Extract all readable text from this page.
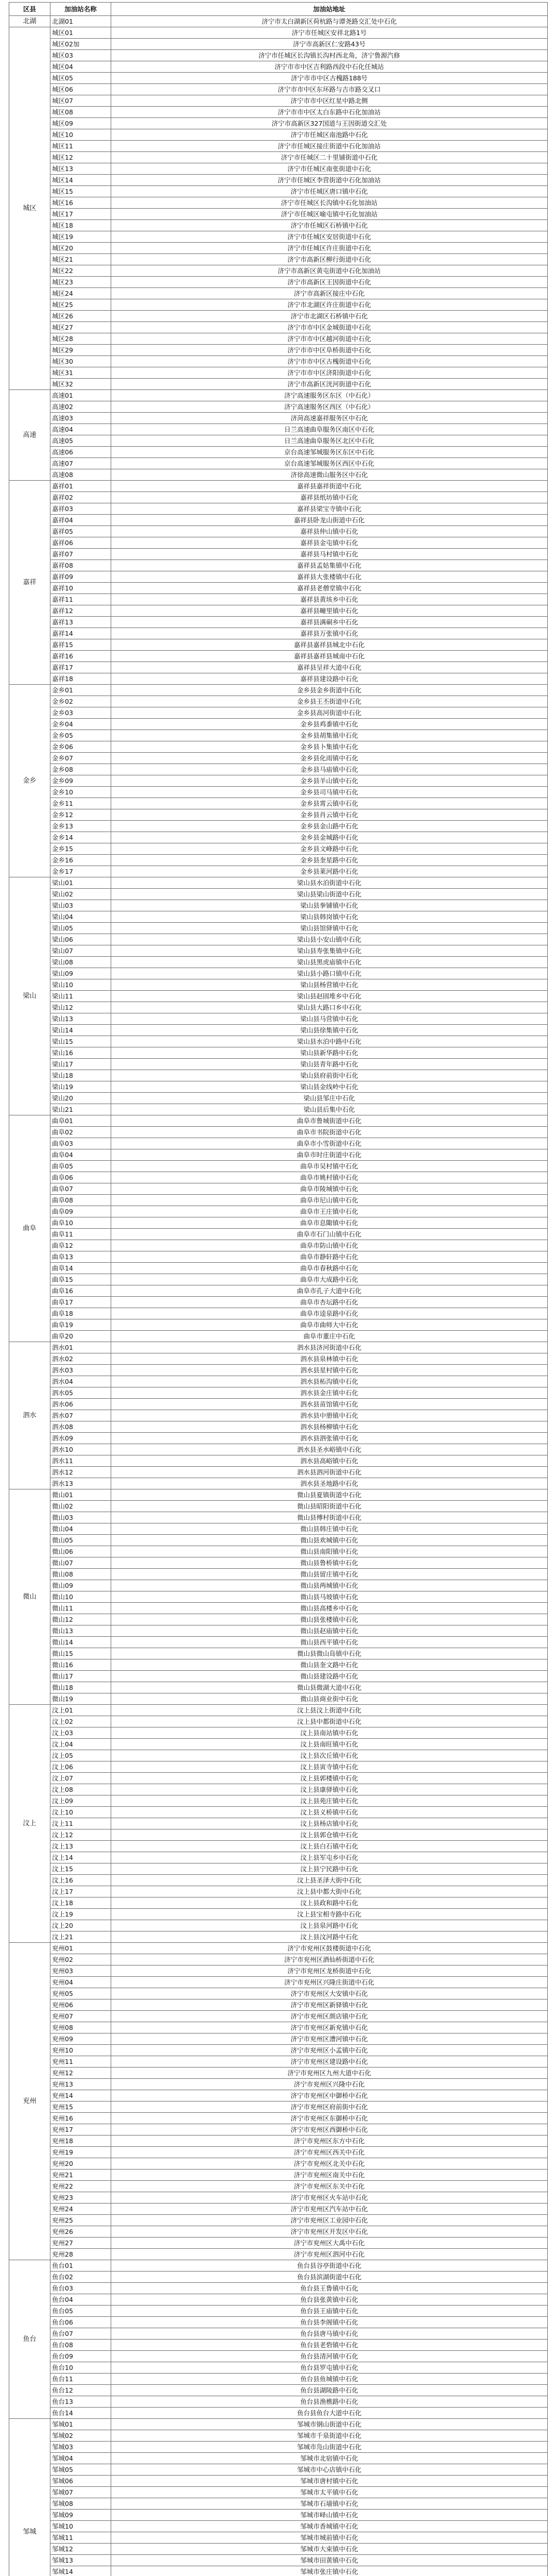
区县	加油站名称	加油站地址
北湖	北湖01	济宁市太白湖新区荷杭路与谭尧路交汇处中石化
城区	城区01	济宁市任城区安祥北路1号
	城区02加	济宁市高新区仁安路43号
	城区03	济宁市任城区长沟镇长沟村西北角，济宁鲁源汽修
	城区04	济宁市市中区吉利路西段中石化任城站
	城区05	济宁市市中区古槐路188号
	城区06	济宁市市中区东环路与吉市路交叉口
	城区07	济宁市市中区红星中路北侧
	城区08	济宁市市中区太白东路中石化加油站
	城区09	济宁市高新区327国道与王因街道交汇处
	城区10	济宁市任城区南池路中石化
	城区11	济宁市任城区接庄街道中石化加油站
	城区12	济宁市任城区二十里铺街道中石化
	城区13	济宁市任城区南张街道中石化
	城区14	济宁市任城区李营街道中石化加油站
	城区15	济宁市任城区唐口镇中石化
	城区16	济宁市任城区长沟镇中石化加油站
	城区17	济宁市任城区喻屯镇中石化加油站
	城区18	济宁市任城区石桥镇中石化
	城区19	济宁市任城区安居街道中石化
	城区20	济宁市任城区许庄街道中石化
	城区21	济宁市高新区柳行街道中石化
	城区22	济宁市高新区黄屯街道中石化加油站
	城区23	济宁市高新区王因街道中石化
	城区24	济宁市高新区接庄中石化
	城区25	济宁市北湖区许庄街道中石化
	城区26	济宁市北湖区石桥镇中石化
	城区27	济宁市市中区金城街道中石化
	城区28	济宁市市中区越河街道中石化
	城区29	济宁市市中区阜桥街道中石化
	城区30	济宁市市中区古槐街道中石化
	城区31	济宁市市中区济阳街道中石化
	城区32	济宁市高新区洸河街道中石化
高速	高速01	济宁高速服务区东区（中石化）
	高速02	济宁高速服务区西区（中石化）
	高速03	济菏高速嘉祥服务区中石化
	高速04	日兰高速曲阜服务区南区中石化
	高速05	日兰高速曲阜服务区北区中石化
	高速06	京台高速邹城服务区东区中石化
	高速07	京台高速邹城服务区西区中石化
	高速08	济徐高速微山服务区中石化
嘉祥	嘉祥01	嘉祥县嘉祥街道中石化
	嘉祥02	嘉祥县纸坊镇中石化
	嘉祥03	嘉祥县梁宝寺镇中石化
	嘉祥04	嘉祥县卧龙山街道中石化
	嘉祥05	嘉祥县仲山镇中石化
	嘉祥06	嘉祥县金屯镇中石化
	嘉祥07	嘉祥县马村镇中石化
	嘉祥08	嘉祥县孟姑集镇中石化
	嘉祥09	嘉祥县大张楼镇中石化
	嘉祥10	嘉祥县老僧堂镇中石化
	嘉祥11	嘉祥县黄垓乡中石化
	嘉祥12	嘉祥县疃里镇中石化
	嘉祥13	嘉祥县满硐乡中石化
	嘉祥14	嘉祥县万张镇中石化
	嘉祥15	嘉祥县嘉祥县城北中石化
	嘉祥16	嘉祥县嘉祥县城南中石化
	嘉祥17	嘉祥县呈祥大道中石化
	嘉祥18	嘉祥县建设路中石化
金乡	金乡01	金乡县金乡街道中石化
	金乡02	金乡县王丕街道中石化
	金乡03	金乡县高河街道中石化
	金乡04	金乡县鸡黍镇中石化
	金乡05	金乡县胡集镇中石化
	金乡06	金乡县卜集镇中石化
	金乡07	金乡县化雨镇中石化
	金乡08	金乡县马庙镇中石化
	金乡09	金乡县羊山镇中石化
	金乡10	金乡县司马镇中石化
	金乡11	金乡县霄云镇中石化
	金乡12	金乡县肖云镇中石化
	金乡13	金乡县金山路中石化
	金乡14	金乡县金城路中石化
	金乡15	金乡县文峰路中石化
	金乡16	金乡县奎星路中石化
	金乡17	金乡县莱河路中石化
梁山	梁山01	梁山县水泊街道中石化
	梁山02	梁山县梁山街道中石化
	梁山03	梁山县拳铺镇中石化
	梁山04	梁山县韩岗镇中石化
	梁山05	梁山县馆驿镇中石化
	梁山06	梁山县小安山镇中石化
	梁山07	梁山县寿张集镇中石化
	梁山08	梁山县黑虎庙镇中石化
	梁山09	梁山县小路口镇中石化
	梁山10	梁山县杨营镇中石化
	梁山11	梁山县赵固堆乡中石化
	梁山12	梁山县大路口乡中石化
	梁山13	梁山县马营镇中石化
	梁山14	梁山县徐集镇中石化
	梁山15	梁山县水泊中路中石化
	梁山16	梁山县新华路中石化
	梁山17	梁山县青年路中石化
	梁山18	梁山县府前街中石化
	梁山19	梁山县金线岭中石化
	梁山20	梁山县邹庄中石化
	梁山21	梁山县后集中石化
曲阜	曲阜01	曲阜市鲁城街道中石化
	曲阜02	曲阜市书院街道中石化
	曲阜03	曲阜市小雪街道中石化
	曲阜04	曲阜市时庄街道中石化
	曲阜05	曲阜市吴村镇中石化
	曲阜06	曲阜市姚村镇中石化
	曲阜07	曲阜市陵城镇中石化
	曲阜08	曲阜市尼山镇中石化
	曲阜09	曲阜市王庄镇中石化
	曲阜10	曲阜市息陬镇中石化
	曲阜11	曲阜市石门山镇中石化
	曲阜12	曲阜市防山镇中石化
	曲阜13	曲阜市静轩路中石化
	曲阜14	曲阜市春秋路中石化
	曲阜15	曲阜市大成路中石化
	曲阜16	曲阜市孔子大道中石化
	曲阜17	曲阜市杏坛路中石化
	曲阜18	曲阜市逵泉路中石化
	曲阜19	曲阜市曲师大中石化
	曲阜20	曲阜市董庄中石化
泗水	泗水01	泗水县济河街道中石化
	泗水02	泗水县泉林镇中石化
	泗水03	泗水县星村镇中石化
	泗水04	泗水县柘沟镇中石化
	泗水05	泗水县金庄镇中石化
	泗水06	泗水县苗馆镇中石化
	泗水07	泗水县中册镇中石化
	泗水08	泗水县杨柳镇中石化
	泗水09	泗水县泗张镇中石化
	泗水10	泗水县圣水峪镇中石化
	泗水11	泗水县高峪镇中石化
	泗水12	泗水县泗河街道中石化
	泗水13	泗水县圣地路中石化
微山	微山01	微山县夏镇街道中石化
	微山02	微山县昭阳街道中石化
	微山03	微山县傅村街道中石化
	微山04	微山县韩庄镇中石化
	微山05	微山县欢城镇中石化
	微山06	微山县南阳镇中石化
	微山07	微山县鲁桥镇中石化
	微山08	微山县留庄镇中石化
	微山09	微山县两城镇中石化
	微山10	微山县马坡镇中石化
	微山11	微山县高楼乡中石化
	微山12	微山县张楼镇中石化
	微山13	微山县赵庙镇中石化
	微山14	微山县西平镇中石化
	微山15	微山县微山岛镇中石化
	微山16	微山县奎文路中石化
	微山17	微山县建设路中石化
	微山18	微山县微湖大道中石化
	微山19	微山县商业街中石化
汶上	汶上01	汶上县汶上街道中石化
	汶上02	汶上县中都街道中石化
	汶上03	汶上县南站镇中石化
	汶上04	汶上县南旺镇中石化
	汶上05	汶上县次丘镇中石化
	汶上06	汶上县寅寺镇中石化
	汶上07	汶上县郭楼镇中石化
	汶上08	汶上县康驿镇中石化
	汶上09	汶上县苑庄镇中石化
	汶上10	汶上县义桥镇中石化
	汶上11	汶上县杨店镇中石化
	汶上12	汶上县郭仓镇中石化
	汶上13	汶上县白石镇中石化
	汶上14	汶上县军屯乡中石化
	汶上15	汶上县宁民路中石化
	汶上16	汶上县圣泽大街中石化
	汶上17	汶上县中都大街中石化
	汶上18	汶上县政和路中石化
	汶上19	汶上县宝相寺路中石化
	汶上20	汶上县泉河路中石化
	汶上21	汶上县汶河路中石化
兖州	兖州01	济宁市兖州区鼓楼街道中石化
	兖州02	济宁市兖州区酒仙桥街道中石化
	兖州03	济宁市兖州区龙桥街道中石化
	兖州04	济宁市兖州区兴隆庄街道中石化
	兖州05	济宁市兖州区大安镇中石化
	兖州06	济宁市兖州区新驿镇中石化
	兖州07	济宁市兖州区颜店镇中石化
	兖州08	济宁市兖州区新兖镇中石化
	兖州09	济宁市兖州区漕河镇中石化
	兖州10	济宁市兖州区小孟镇中石化
	兖州11	济宁市兖州区建设路中石化
	兖州12	济宁市兖州区九州大道中石化
	兖州13	济宁市兖州区兴隆中石化
	兖州14	济宁市兖州区中御桥中石化
	兖州15	济宁市兖州区府前街中石化
	兖州16	济宁市兖州区东御桥中石化
	兖州17	济宁市兖州区西御桥中石化
	兖州18	济宁市兖州区东方中石化
	兖州19	济宁市兖州区西关中石化
	兖州20	济宁市兖州区北关中石化
	兖州21	济宁市兖州区南关中石化
	兖州22	济宁市兖州区东关中石化
	兖州23	济宁市兖州区火车站中石化
	兖州24	济宁市兖州区汽车站中石化
	兖州25	济宁市兖州区工业园中石化
	兖州26	济宁市兖州区开发区中石化
	兖州27	济宁市兖州区大禹中石化
	兖州28	济宁市兖州区泗河中石化
鱼台	鱼台01	鱼台县谷亭街道中石化
	鱼台02	鱼台县滨湖街道中石化
	鱼台03	鱼台县王鲁镇中石化
	鱼台04	鱼台县张黄镇中石化
	鱼台05	鱼台县王庙镇中石化
	鱼台06	鱼台县李阁镇中石化
	鱼台07	鱼台县唐马镇中石化
	鱼台08	鱼台县老砦镇中石化
	鱼台09	鱼台县清河镇中石化
	鱼台10	鱼台县罗屯镇中石化
	鱼台11	鱼台县鱼城镇中石化
	鱼台12	鱼台县湖陵路中石化
	鱼台13	鱼台县渔樵路中石化
	鱼台14	鱼台县鱼台大道中石化
邹城	邹城01	邹城市钢山街道中石化
	邹城02	邹城市千泉街道中石化
	邹城03	邹城市凫山街道中石化
	邹城04	邹城市北宿镇中石化
	邹城05	邹城市中心店镇中石化
	邹城06	邹城市唐村镇中石化
	邹城07	邹城市太平镇中石化
	邹城08	邹城市石墙镇中石化
	邹城09	邹城市峄山镇中石化
	邹城10	邹城市香城镇中石化
	邹城11	邹城市城前镇中石化
	邹城12	邹城市大束镇中石化
	邹城13	邹城市田黄镇中石化
	邹城14	邹城市张庄镇中石化
